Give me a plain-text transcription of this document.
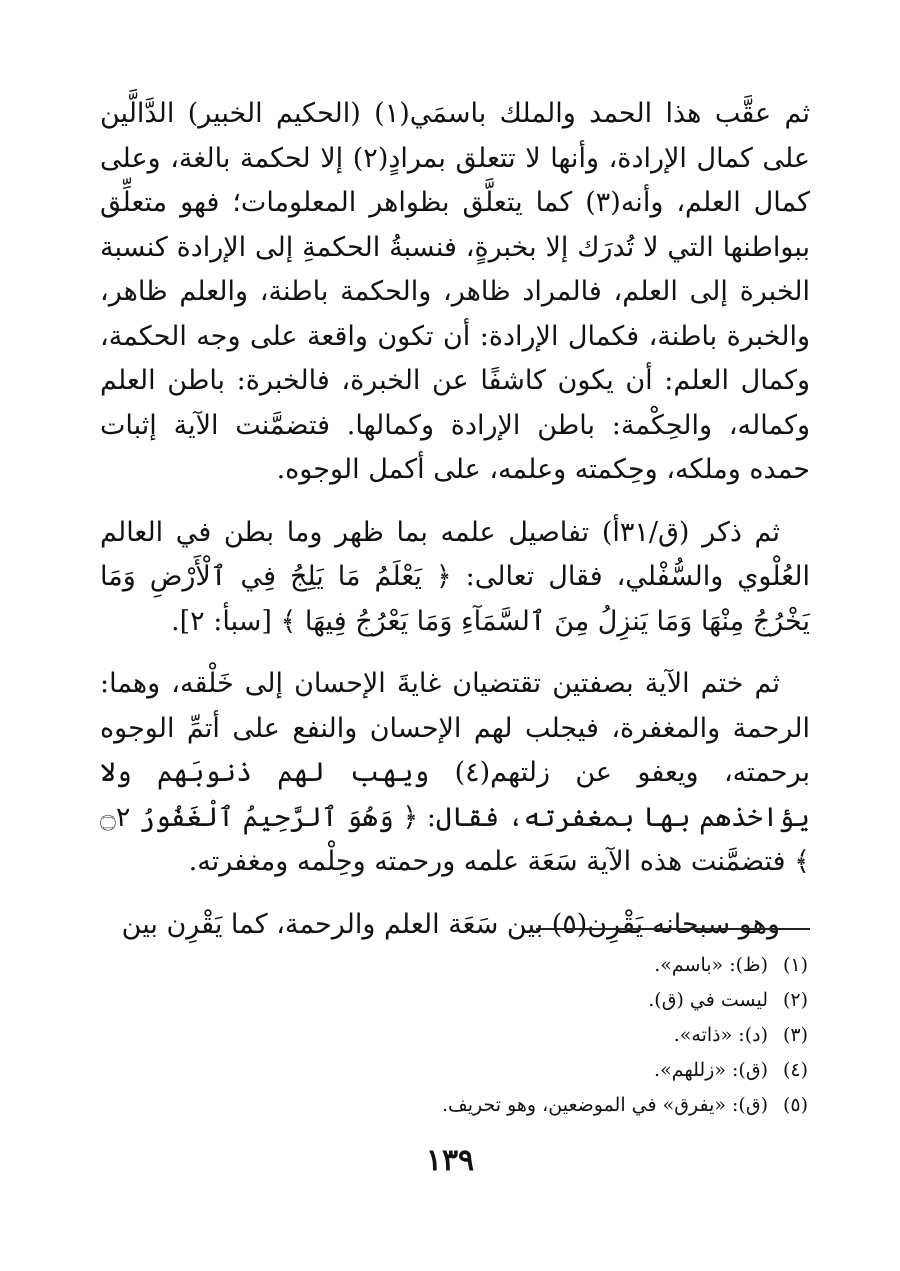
ثم عقَّب هذا الحمد والملك باسمَي(١) (الحكيم الخبير) الدَّالَّين على كمال الإرادة، وأنها لا تتعلق بمرادٍ(٢) إلا لحكمة بالغة، وعلى كمال العلم، وأنه(٣) كما يتعلَّق بظواهر المعلومات؛ فهو متعلِّق ببواطنها التي لا تُدرَك إلا بخبرةٍ، فنسبةُ الحكمةِ إلى الإرادة كنسبة الخبرة إلى العلم، فالمراد ظاهر، والحكمة باطنة، والعلم ظاهر، والخبرة باطنة، فكمال الإرادة: أن تكون واقعة على وجه الحكمة، وكمال العلم: أن يكون كاشفًا عن الخبرة، فالخبرة: باطن العلم وكماله، والحِكْمة: باطن الإرادة وكمالها. فتضمَّنت الآية إثبات حمده وملكه، وحِكمته وعلمه، على أكمل الوجوه.

ثم ذكر (ق/٣١أ) تفاصيل علمه بما ظهر وما بطن في العالم العُلْوي والسُّفْلي، فقال تعالى: ﴿ يَعْلَمُ مَا يَلِجُ فِي ٱلْأَرْضِ وَمَا يَخْرُجُ مِنْهَا وَمَا يَنزِلُ مِنَ ٱلسَّمَآءِ وَمَا يَعْرُجُ فِيهَا ﴾ [سبأ: ٢].

ثم ختم الآية بصفتين تقتضيان غايةَ الإحسان إلى خَلْقه، وهما: الرحمة والمغفرة، فيجلب لهم الإحسان والنفع على أتمِّ الوجوه برحمته، ويعفو عن زلتهم(٤) ويهب لهم ذنوبَهم ولا يؤاخذهم بها بمغفرته، فقال: ﴿ وَهُوَ ٱلرَّحِيمُ ٱلْغَفُورُ ۝٢ ﴾ فتضمَّنت هذه الآية سَعَة علمه ورحمته وحِلْمه ومغفرته.

وهو سبحانه يَقْرِن(٥) بين سَعَة العلم والرحمة، كما يَقْرِن بين

(١)(ظ): «باسم».
(٢)ليست في (ق).
(٣)(د): «ذاته».
(٤)(ق): «زللهم».
(٥)(ق): «يفرق» في الموضعين، وهو تحريف.
١٣٩
